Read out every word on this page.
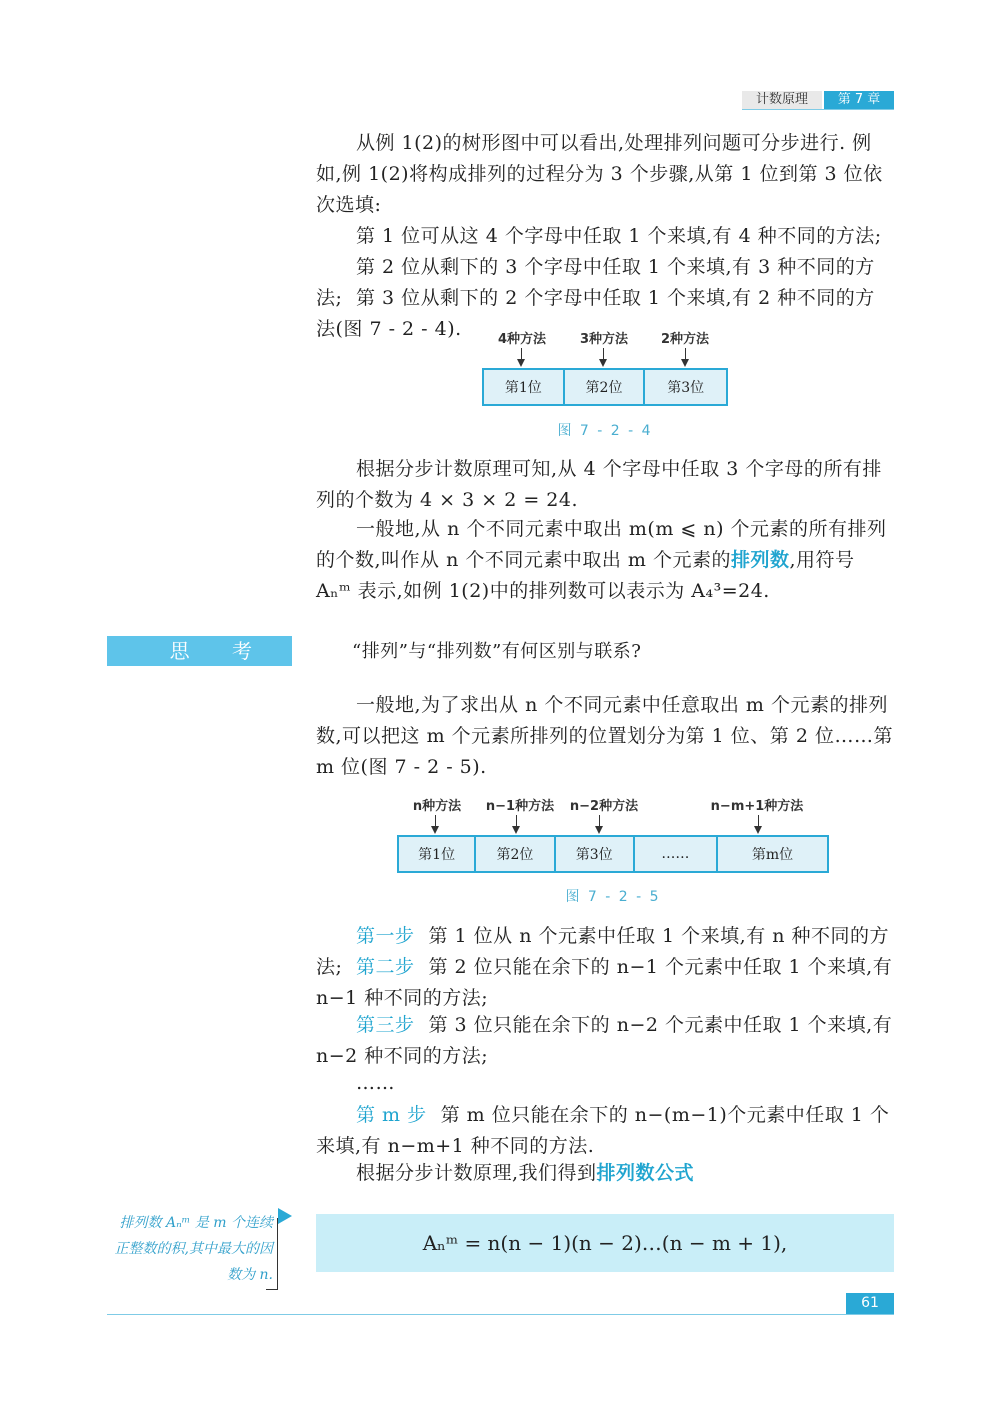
计数原理	第 7 章
从例 1(2)的树形图中可以看出,处理排列问题可分步进行. 例如,例 1(2)将构成排列的过程分为 3 个步骤,从第 1 位到第 3 位依次选填:
第 1 位可从这 4 个字母中任取 1 个来填,有 4 种不同的方法;
第 2 位从剩下的 3 个字母中任取 1 个来填,有 3 种不同的方法; 第 3 位从剩下的 2 个字母中任取 1 个来填,有 2 种不同的方法(图 7 - 2 - 4).	4种方法	3种方法	2种方法
第1位	第2位	第3位
图 7 - 2 - 4
根据分步计数原理可知,从 4 个字母中任取 3 个字母的所有排列的个数为 4 × 3 × 2 = 24.
一般地,从 n 个不同元素中取出 m(m ⩽ n) 个元素的所有排列的个数,叫作从 n 个不同元素中取出 m 个元素的排列数,用符号 Aₙᵐ 表示,如例 1(2)中的排列数可以表示为 A₄³=24.
思 考	“排列”与“排列数”有何区别与联系?
一般地,为了求出从 n 个不同元素中任意取出 m 个元素的排列数,可以把这 m 个元素所排列的位置划分为第 1 位、第 2 位……第 m 位(图 7 - 2 - 5).
n种方法	n−1种方法	n−2种方法	n−m+1种方法
第1位	第2位	第3位	……	第m位
图 7 - 2 - 5
第一步 第 1 位从 n 个元素中任取 1 个来填,有 n 种不同的方法; 第二步 第 2 位只能在余下的 n−1 个元素中任取 1 个来填,有 n−1 种不同的方法;
第三步 第 3 位只能在余下的 n−2 个元素中任取 1 个来填,有 n−2 种不同的方法;
……
第 m 步 第 m 位只能在余下的 n−(m−1)个元素中任取 1 个来填,有 n−m+1 种不同的方法.
根据分步计数原理,我们得到排列数公式
排列数 Aₙᵐ 是 m 个连续正整数的积,其中最大的因数为 n.
Aₙᵐ = n(n − 1)(n − 2)…(n − m + 1),
61
